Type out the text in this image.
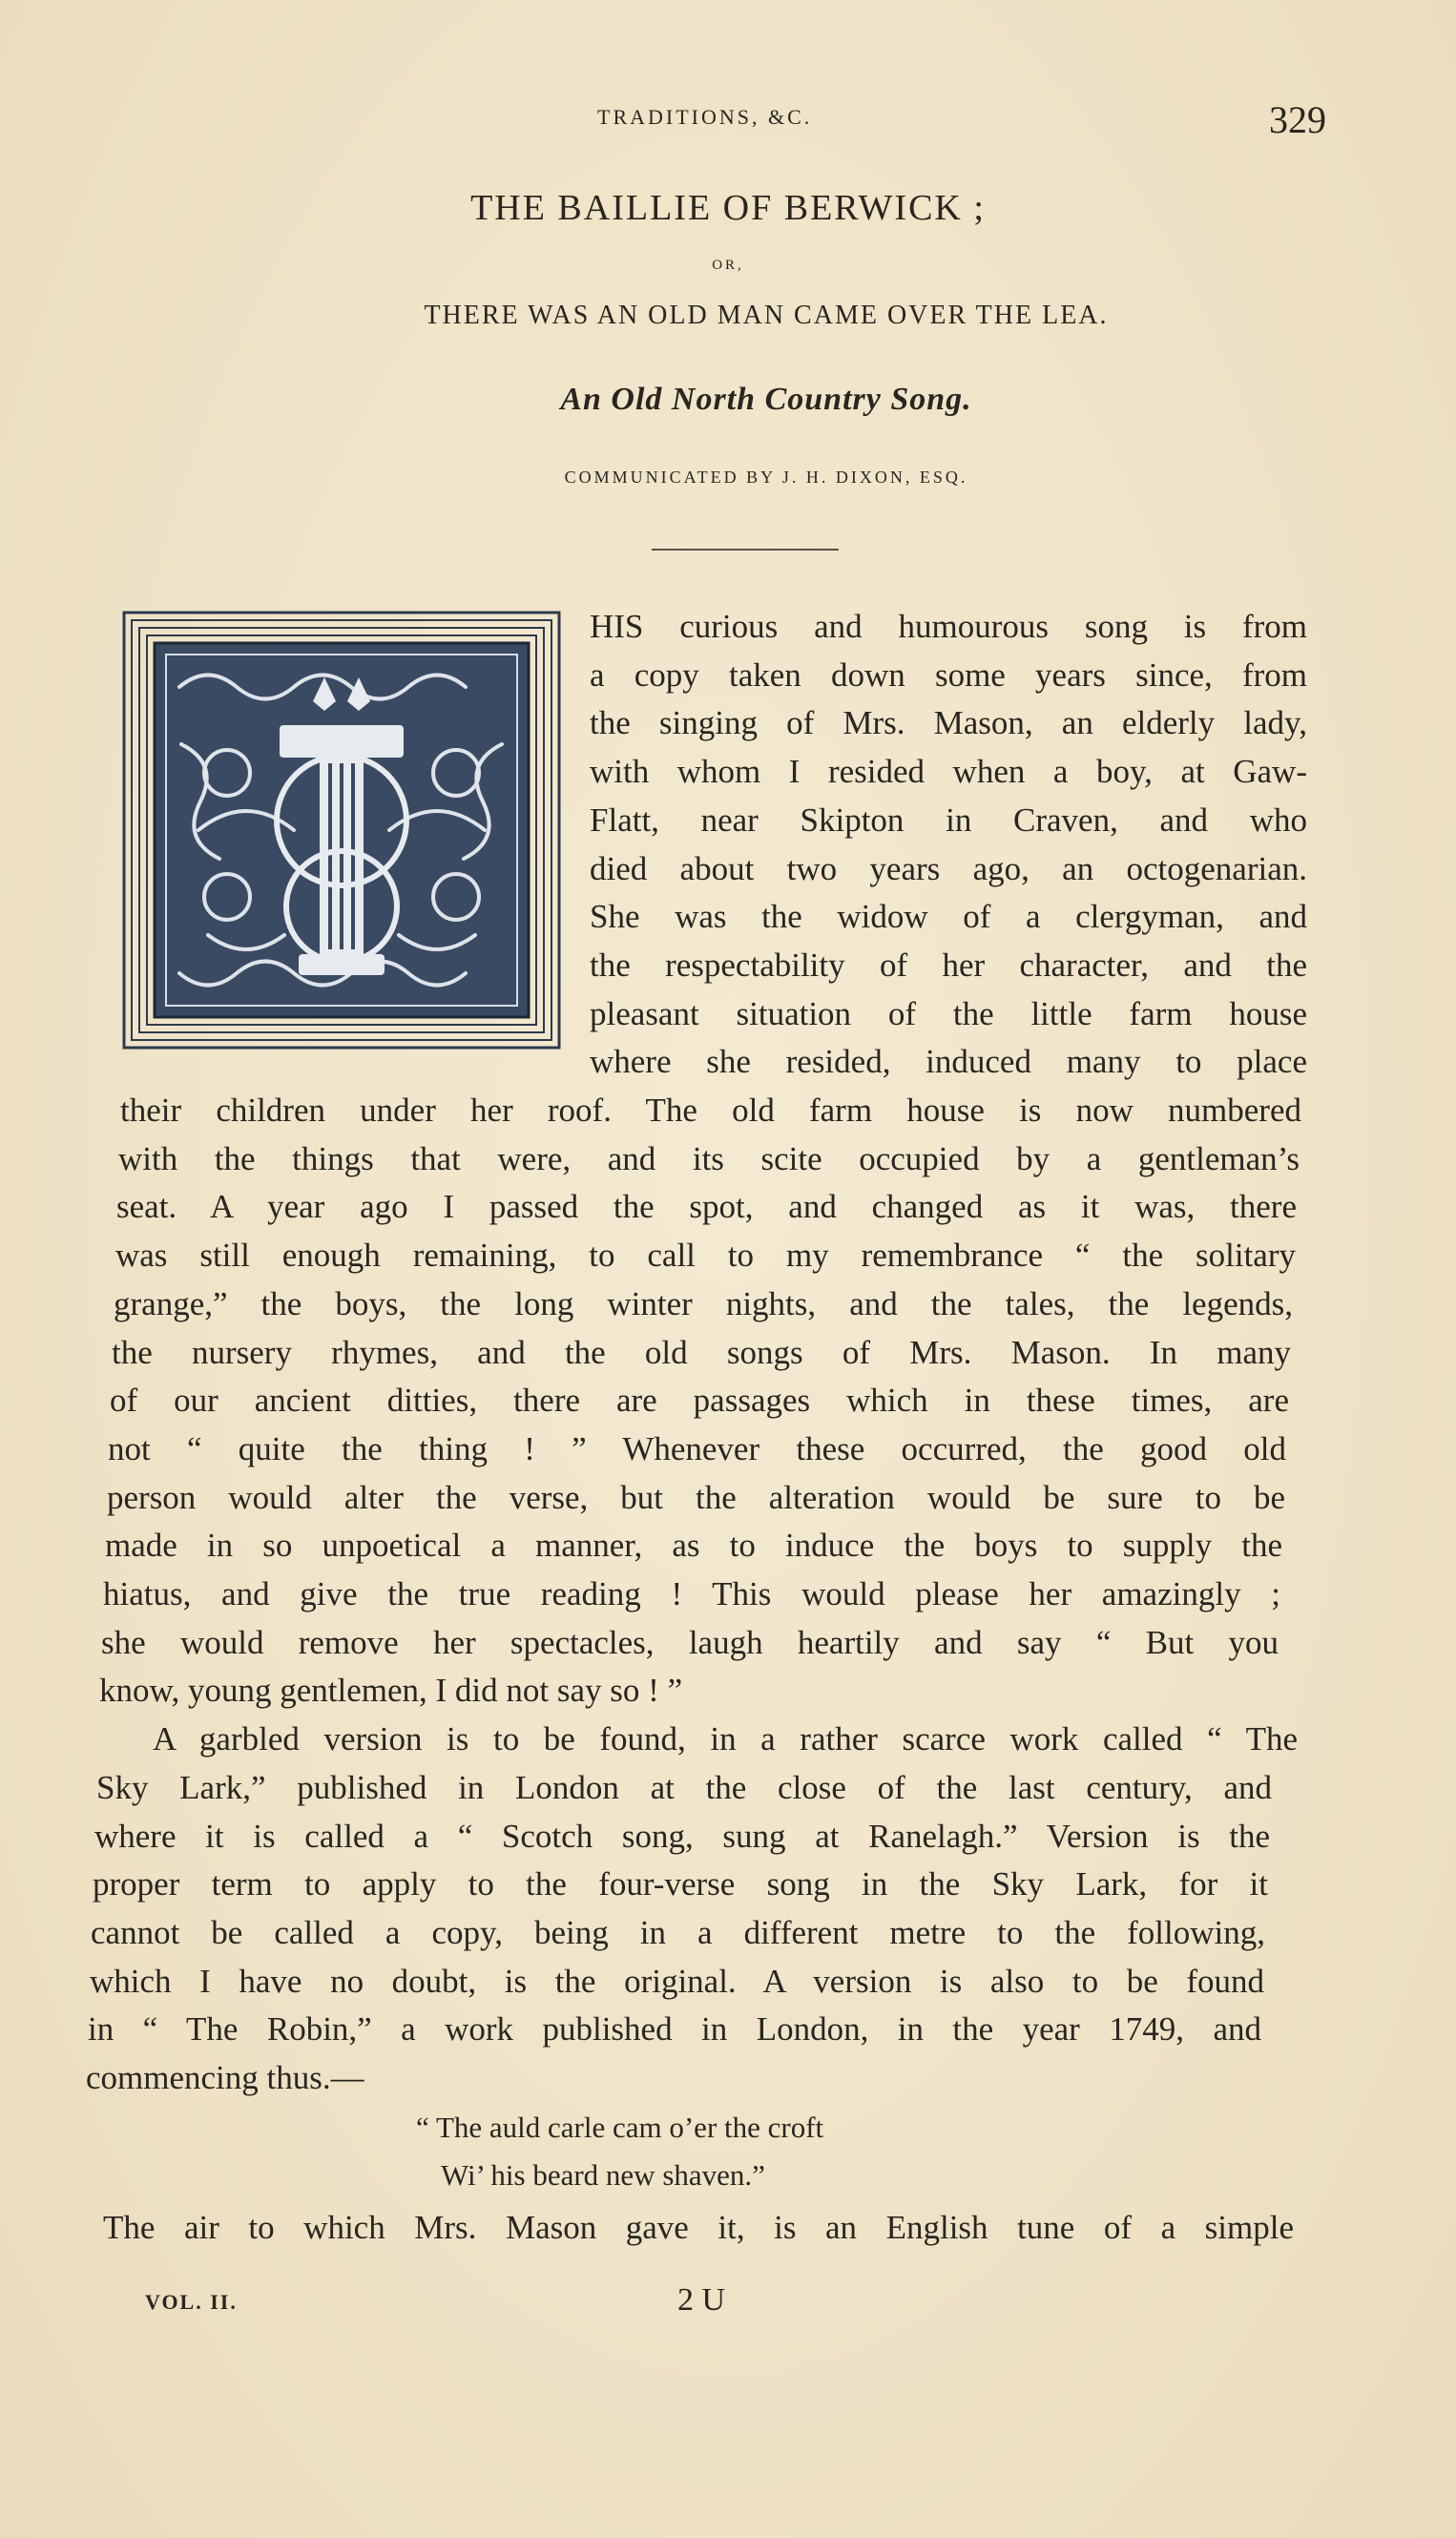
TRADITIONS, &C.	329
THE BAILLIE OF BERWICK ;
OR,
THERE WAS AN OLD MAN CAME OVER THE LEA.
An Old North Country Song.
COMMUNICATED BY J. H. DIXON, ESQ.
HIS curious and humourous song is from
a copy taken down some years since, from
the singing of Mrs. Mason, an elderly lady,
with whom I resided when a boy, at Gaw-
Flatt, near Skipton in Craven, and who
died about two years ago, an octogenarian.
She was the widow of a clergyman, and
the respectability of her character, and the
pleasant situation of the little farm house
where she resided, induced many to place
their children under her roof. The old farm house is now numbered
with the things that were, and its scite occupied by a gentleman’s
seat. A year ago I passed the spot, and changed as it was, there
was still enough remaining, to call to my remembrance “ the solitary
grange,” the boys, the long winter nights, and the tales, the legends,
the nursery rhymes, and the old songs of Mrs. Mason. In many
of our ancient ditties, there are passages which in these times, are
not “ quite the thing ! ” Whenever these occurred, the good old
person would alter the verse, but the alteration would be sure to be
made in so unpoetical a manner, as to induce the boys to supply the
hiatus, and give the true reading ! This would please her amazingly ;
she would remove her spectacles, laugh heartily and say “ But you
know, young gentlemen, I did not say so ! ”
A garbled version is to be found, in a rather scarce work called “ The
Sky Lark,” published in London at the close of the last century, and
where it is called a “ Scotch song, sung at Ranelagh.” Version is the
proper term to apply to the four-verse song in the Sky Lark, for it
cannot be called a copy, being in a different metre to the following,
which I have no doubt, is the original. A version is also to be found
in “ The Robin,” a work published in London, in the year 1749, and
commencing thus.—
“ The auld carle cam o’er the croft
Wi’ his beard new shaven.”
The air to which Mrs. Mason gave it, is an English tune of a simple
VOL. II.	2 U
